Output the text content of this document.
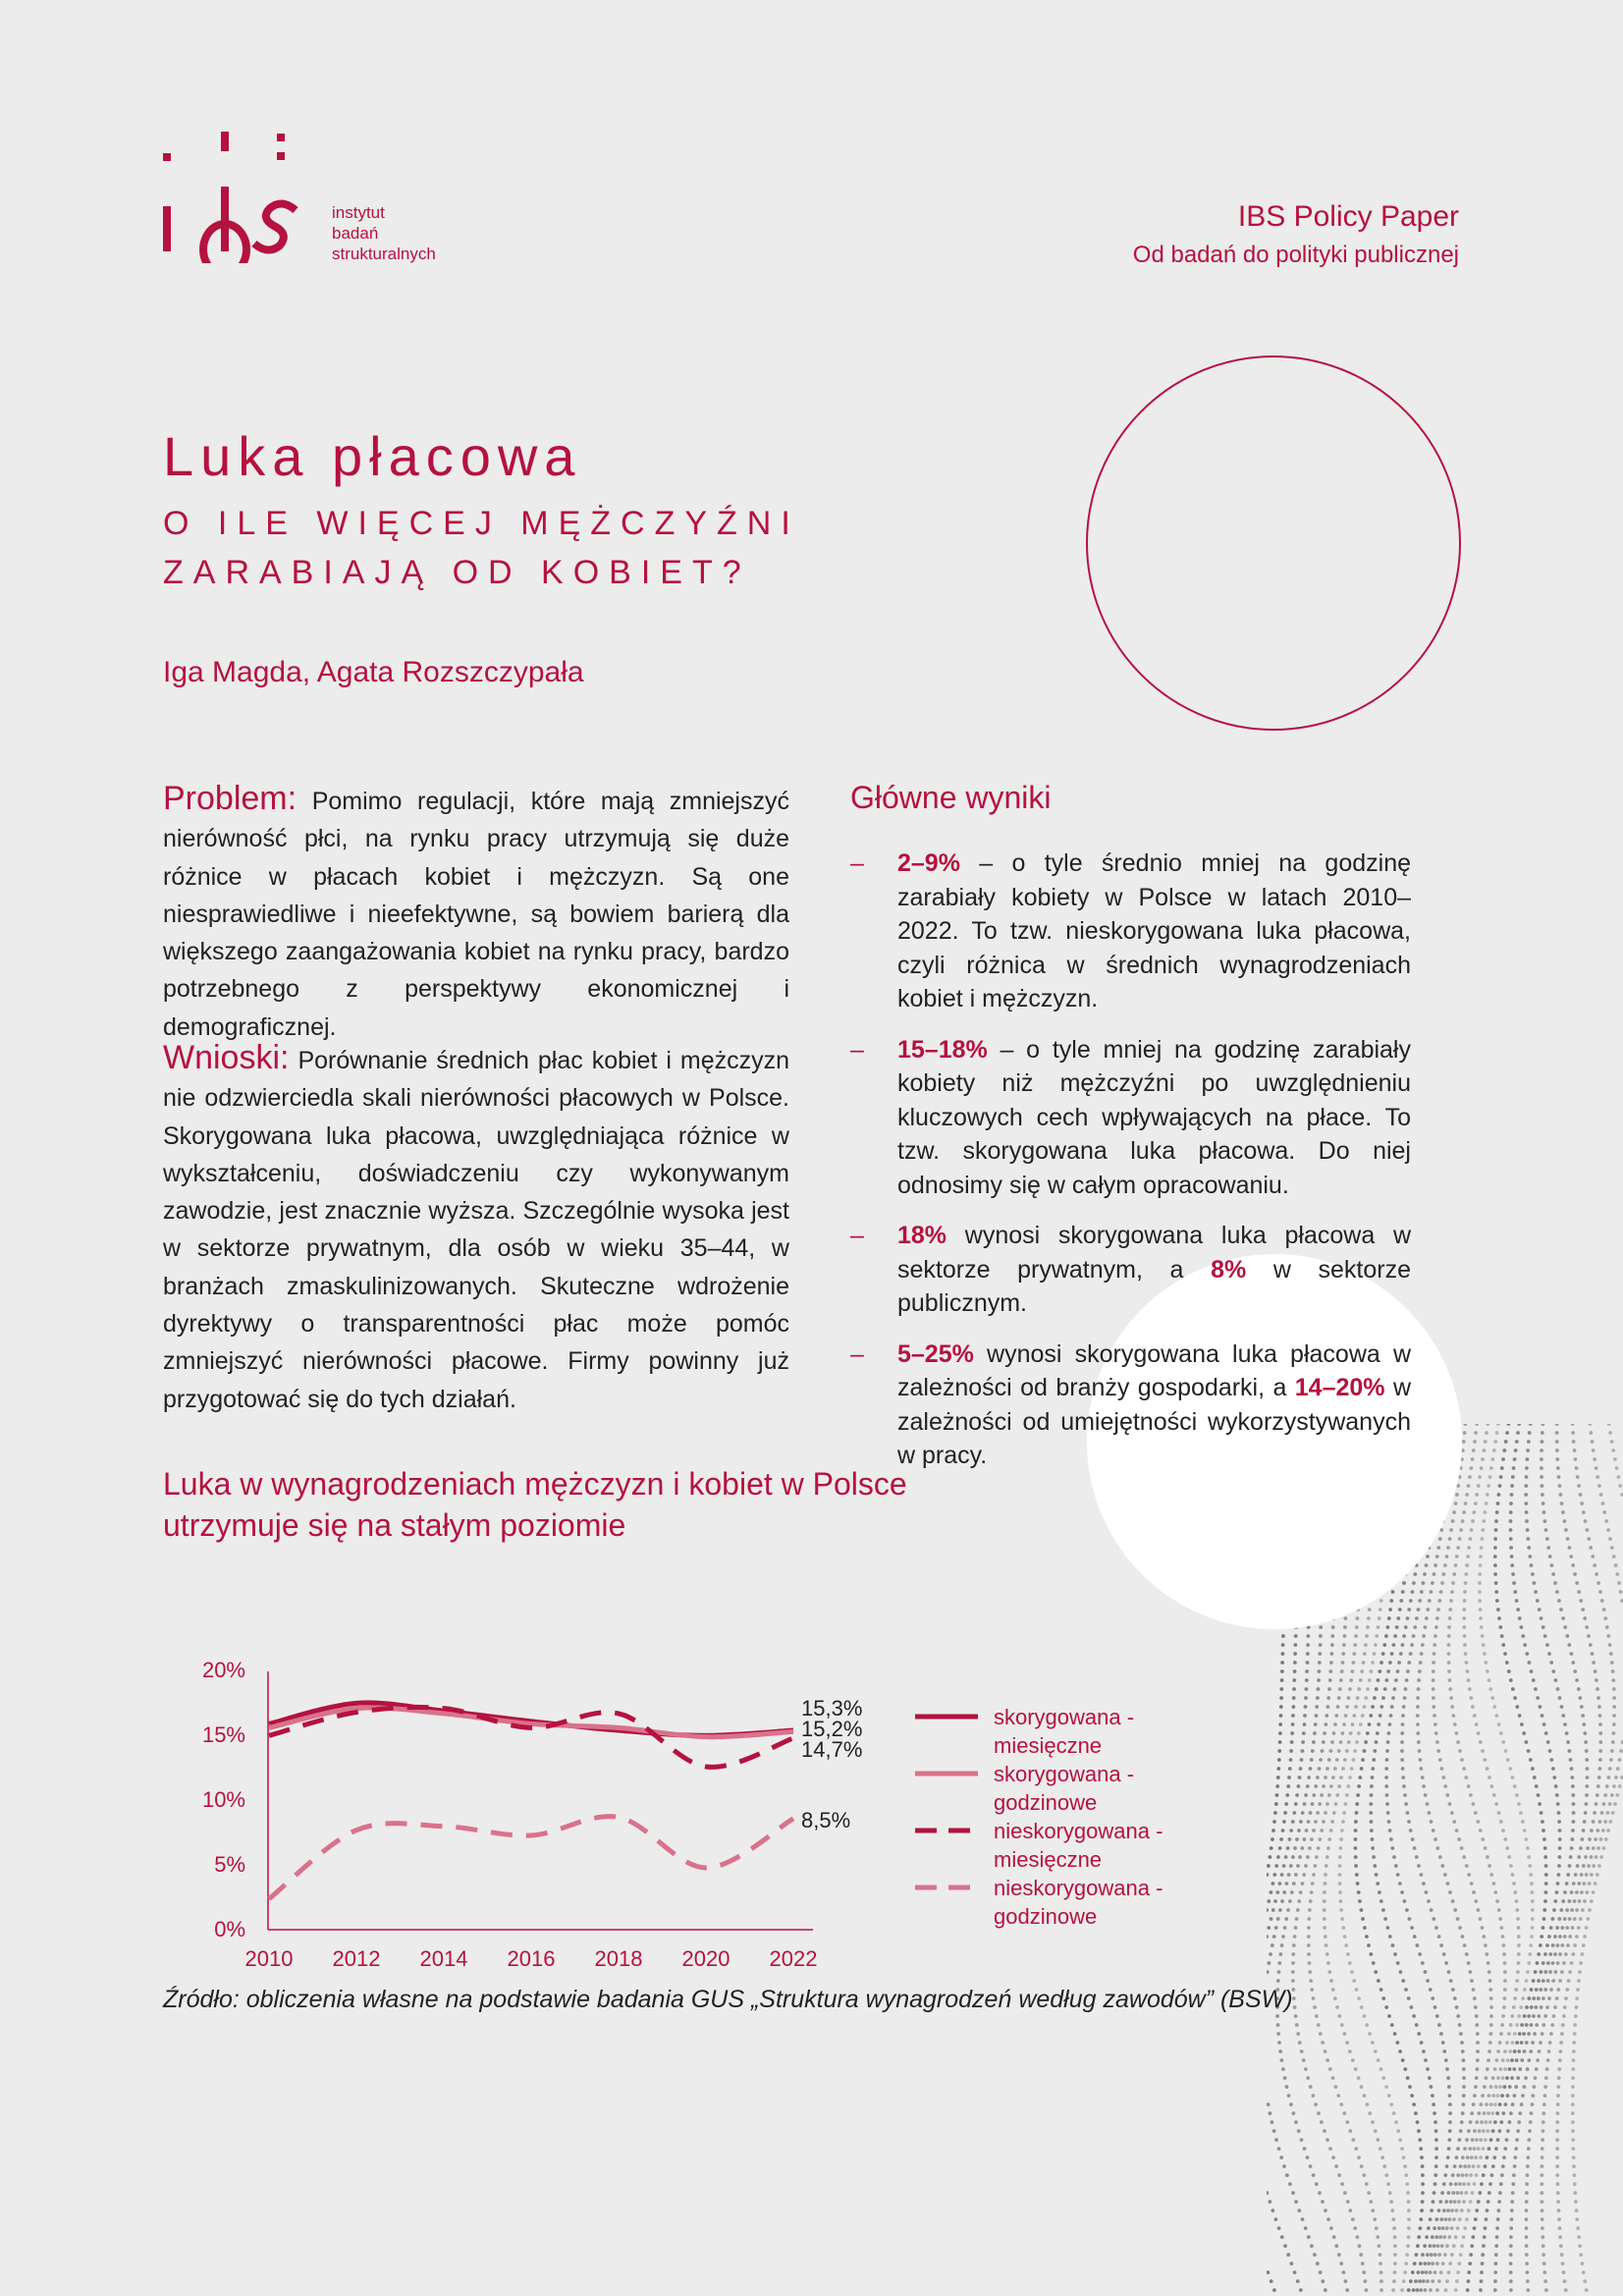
instytut
badań
strukturalnych
IBS Policy Paper
Od badań do polityki publicznej
Luka płacowa
O ILE WIĘCEJ MĘŻCZYŹNI ZARABIAJĄ OD KOBIET?
Iga Magda, Agata Rozszczypała
Problem: Pomimo regulacji, które mają zmniejszyć nierówność płci, na rynku pracy utrzymują się duże różnice w płacach kobiet i mężczyzn. Są one niesprawiedliwe i nieefektywne, są bowiem barierą dla większego zaangażowania kobiet na rynku pracy, bardzo potrzebnego z perspektywy ekonomicznej i demograficznej.
Wnioski: Porównanie średnich płac kobiet i mężczyzn nie odzwierciedla skali nierówności płacowych w Polsce. Skorygowana luka płacowa, uwzględniająca różnice w wykształceniu, doświadczeniu czy wykonywanym zawodzie, jest znacznie wyższa. Szczególnie wysoka jest w sektorze prywatnym, dla osób w wieku 35–44, w branżach zmaskulinizowanych. Skuteczne wdrożenie dyrektywy o transparentności płac może pomóc zmniejszyć nierówności płacowe. Firmy powinny już przygotować się do tych działań.
Główne wyniki
– 2–9% – o tyle średnio mniej na godzinę zarabiały kobiety w Polsce w latach 2010–2022. To tzw. nieskorygowana luka płacowa, czyli różnica w średnich wynagrodzeniach kobiet i mężczyzn.
– 15–18% – o tyle mniej na godzinę zarabiały kobiety niż mężczyźni po uwzględnieniu kluczowych cech wpływających na płace. To tzw. skorygowana luka płacowa. Do niej odnosimy się w całym opracowaniu.
– 18% wynosi skorygowana luka płacowa w sektorze prywatnym, a 8% w sektorze publicznym.
– 5–25% wynosi skorygowana luka płacowa w zależności od branży gospodarki, a 14–20% w zależności od umiejętności wykorzystywanych w pracy.
Luka w wynagrodzeniach mężczyzn i kobiet w Polsce utrzymuje się na stałym poziomie
0%
5%
10%
15%
20%
2010 2012 2014 2016 2018 2020 2022
15,3%
15,2%
14,7%
8,5%
skorygowana -miesięczne
skorygowana -godzinowe
nieskorygowana -miesięczne
nieskorygowana -godzinowe
Źródło: obliczenia własne na podstawie badania GUS „Struktura wynagrodzeń według zawodów” (BSW)
